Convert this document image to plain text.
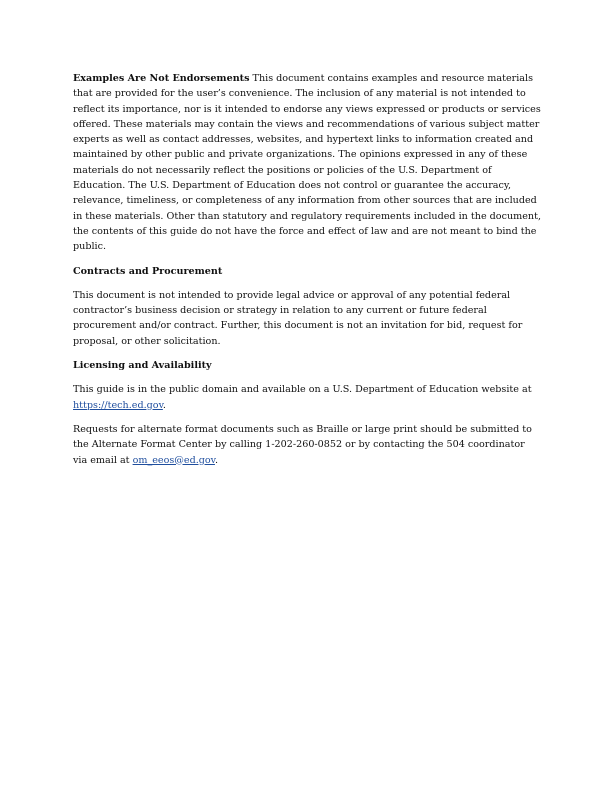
Examples Are Not Endorsements This document contains examples and resource materials that are provided for the user’s convenience. The inclusion of any material is not intended to reflect its importance, nor is it intended to endorse any views expressed or products or services offered. These materials may contain the views and recommendations of various subject matter experts as well as contact addresses, websites, and hypertext links to information created and maintained by other public and private organizations. The opinions expressed in any of these materials do not necessarily reflect the positions or policies of the U.S. Department of Education. The U.S. Department of Education does not control or guarantee the accuracy, relevance, timeliness, or completeness of any information from other sources that are included in these materials. Other than statutory and regulatory requirements included in the document, the contents of this guide do not have the force and effect of law and are not meant to bind the public.

Contracts and Procurement

This document is not intended to provide legal advice or approval of any potential federal contractor’s business decision or strategy in relation to any current or future federal procurement and/or contract. Further, this document is not an invitation for bid, request for proposal, or other solicitation.

Licensing and Availability

This guide is in the public domain and available on a U.S. Department of Education website at https://tech.ed.gov.

Requests for alternate format documents such as Braille or large print should be submitted to the Alternate Format Center by calling 1-202-260-0852 or by contacting the 504 coordinator via email at om_eeos@ed.gov.
